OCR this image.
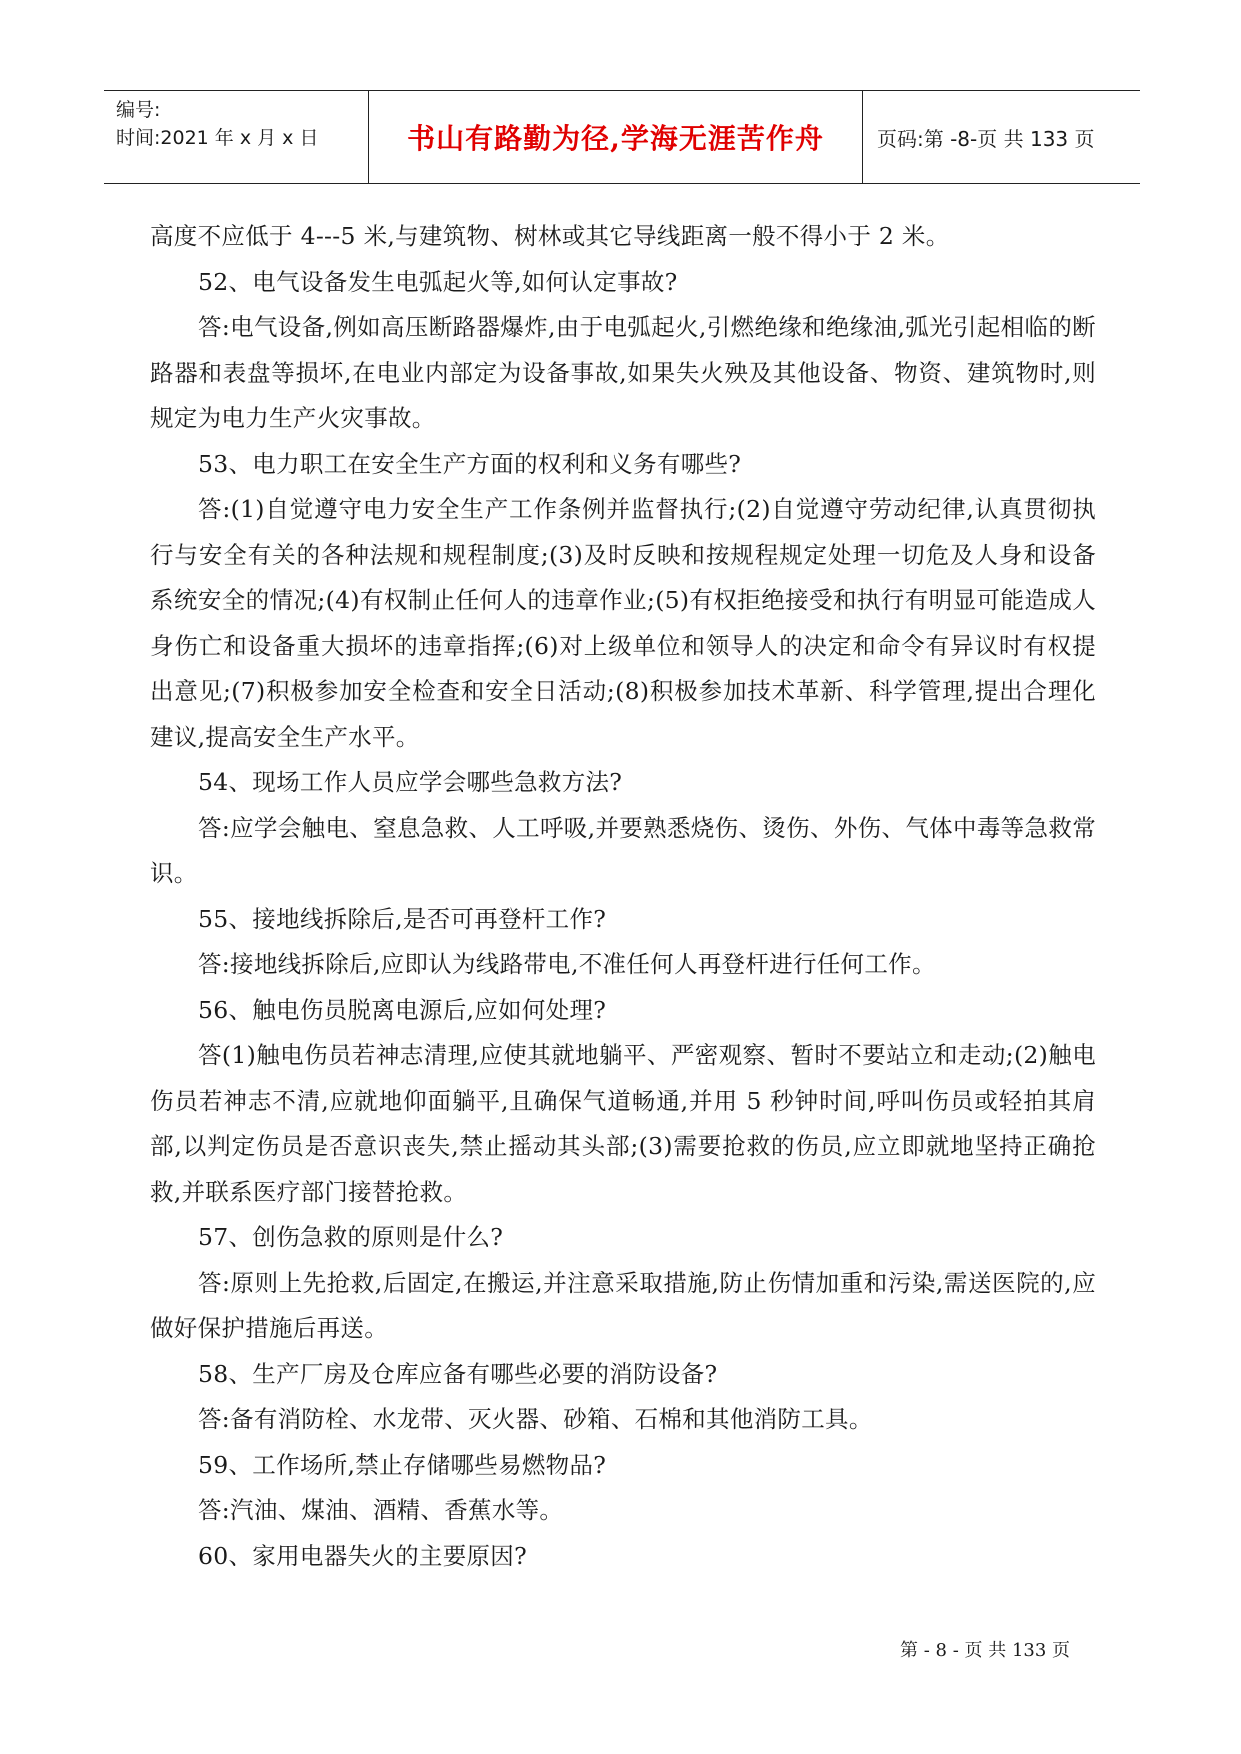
编号:
时间:2021 年 x 月 x 日	书山有路勤为径,学海无涯苦作舟	页码:第 -8-页 共 133 页

高度不应低于 4---5 米,与建筑物、树林或其它导线距离一般不得小于 2 米。

52、电气设备发生电弧起火等,如何认定事故?

答:电气设备,例如高压断路器爆炸,由于电弧起火,引燃绝缘和绝缘油,弧光引起相临的断路器和表盘等损坏,在电业内部定为设备事故,如果失火殃及其他设备、物资、建筑物时,则规定为电力生产火灾事故。

53、电力职工在安全生产方面的权利和义务有哪些?

答:(1)自觉遵守电力安全生产工作条例并监督执行;(2)自觉遵守劳动纪律,认真贯彻执行与安全有关的各种法规和规程制度;(3)及时反映和按规程规定处理一切危及人身和设备系统安全的情况;(4)有权制止任何人的违章作业;(5)有权拒绝接受和执行有明显可能造成人身伤亡和设备重大损坏的违章指挥;(6)对上级单位和领导人的决定和命令有异议时有权提出意见;(7)积极参加安全检查和安全日活动;(8)积极参加技术革新、科学管理,提出合理化建议,提高安全生产水平。

54、现场工作人员应学会哪些急救方法?

答:应学会触电、窒息急救、人工呼吸,并要熟悉烧伤、烫伤、外伤、气体中毒等急救常识。

55、接地线拆除后,是否可再登杆工作?

答:接地线拆除后,应即认为线路带电,不准任何人再登杆进行任何工作。

56、触电伤员脱离电源后,应如何处理?

答(1)触电伤员若神志清理,应使其就地躺平、严密观察、暂时不要站立和走动;(2)触电伤员若神志不清,应就地仰面躺平,且确保气道畅通,并用 5 秒钟时间,呼叫伤员或轻拍其肩部,以判定伤员是否意识丧失,禁止摇动其头部;(3)需要抢救的伤员,应立即就地坚持正确抢救,并联系医疗部门接替抢救。

57、创伤急救的原则是什么?

答:原则上先抢救,后固定,在搬运,并注意采取措施,防止伤情加重和污染,需送医院的,应做好保护措施后再送。

58、生产厂房及仓库应备有哪些必要的消防设备?

答:备有消防栓、水龙带、灭火器、砂箱、石棉和其他消防工具。

59、工作场所,禁止存储哪些易燃物品?

答:汽油、煤油、酒精、香蕉水等。

60、家用电器失火的主要原因?

第 - 8 - 页 共 133 页
